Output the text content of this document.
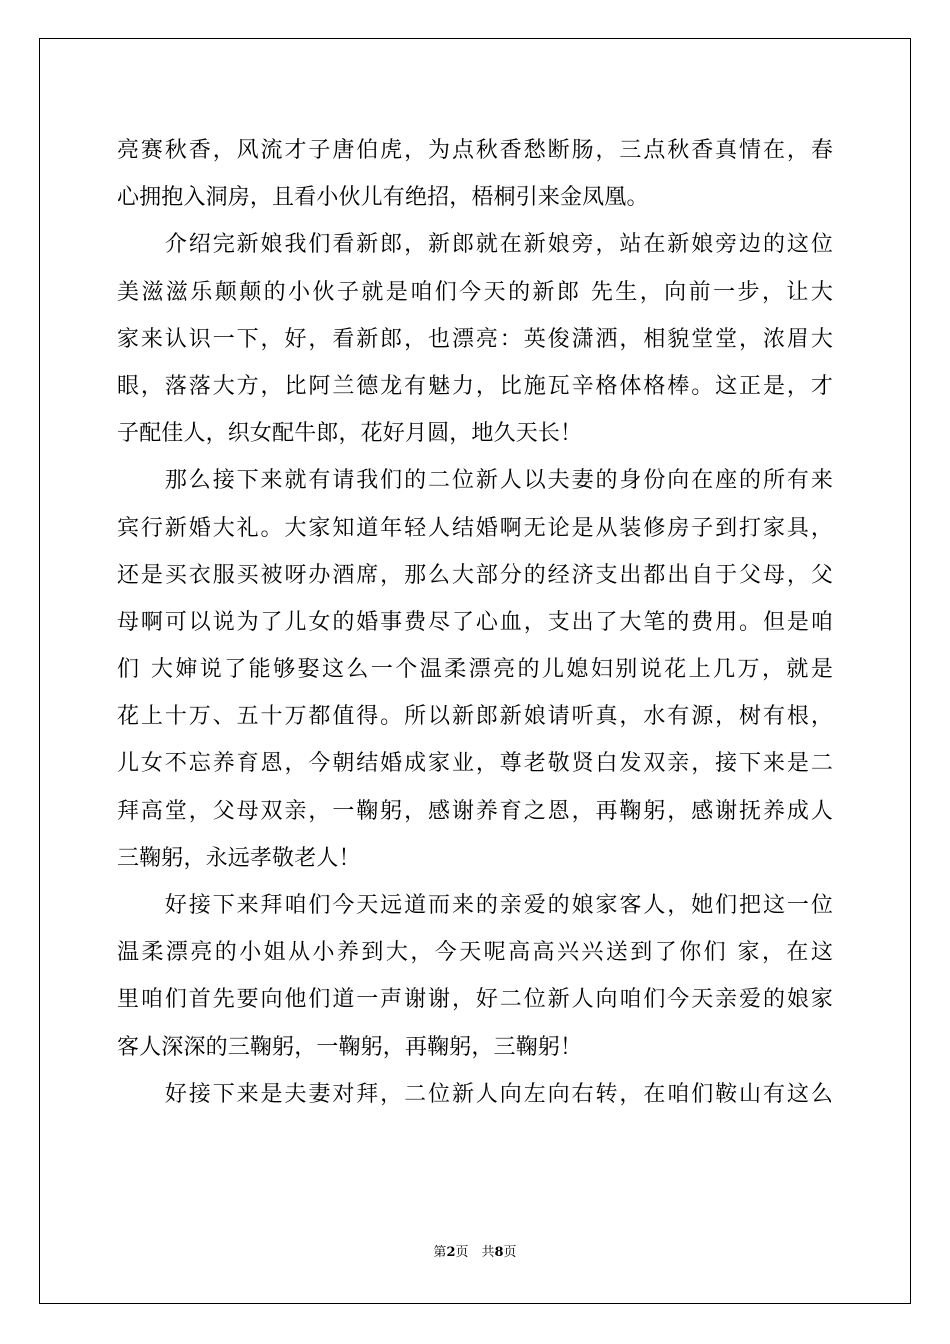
亮赛秋香，风流才子唐伯虎，为点秋香愁断肠，三点秋香真情在，春
心拥抱入洞房，且看小伙儿有绝招，梧桐引来金凤凰。
　　介绍完新娘我们看新郎，新郎就在新娘旁，站在新娘旁边的这位
美滋滋乐颠颠的小伙子就是咱们今天的新郎 先生，向前一步，让大
家来认识一下，好，看新郎，也漂亮：英俊潇洒，相貌堂堂，浓眉大
眼，落落大方，比阿兰德龙有魅力，比施瓦辛格体格棒。这正是，才
子配佳人，织女配牛郎，花好月圆，地久天长！
　　那么接下来就有请我们的二位新人以夫妻的身份向在座的所有来
宾行新婚大礼。大家知道年轻人结婚啊无论是从装修房子到打家具，
还是买衣服买被呀办酒席，那么大部分的经济支出都出自于父母，父
母啊可以说为了儿女的婚事费尽了心血，支出了大笔的费用。但是咱
们 大婶说了能够娶这么一个温柔漂亮的儿媳妇别说花上几万，就是
花上十万、五十万都值得。所以新郎新娘请听真，水有源，树有根，
儿女不忘养育恩，今朝结婚成家业，尊老敬贤白发双亲，接下来是二
拜高堂，父母双亲，一鞠躬，感谢养育之恩，再鞠躬，感谢抚养成人
三鞠躬，永远孝敬老人！
　　好接下来拜咱们今天远道而来的亲爱的娘家客人，她们把这一位
温柔漂亮的小姐从小养到大，今天呢高高兴兴送到了你们 家，在这
里咱们首先要向他们道一声谢谢，好二位新人向咱们今天亲爱的娘家
客人深深的三鞠躬，一鞠躬，再鞠躬，三鞠躬！
　　好接下来是夫妻对拜，二位新人向左向右转，在咱们鞍山有这么
第2页　共8页
